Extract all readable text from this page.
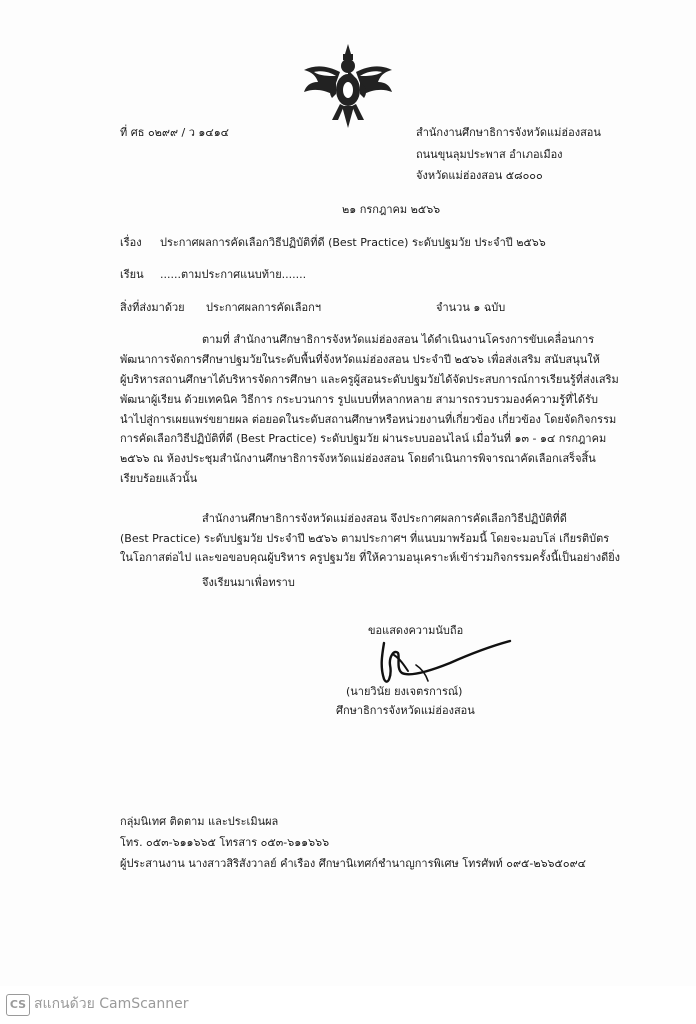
ที่ ศธ ๐๒๙๙ / ว ๑๔๑๔	สำนักงานศึกษาธิการจังหวัดแม่ฮ่องสอน
ถนนขุนลุมประพาส อำเภอเมือง
จังหวัดแม่ฮ่องสอน ๕๘๐๐๐
๒๑ กรกฎาคม ๒๕๖๖
เรื่อง ประกาศผลการคัดเลือกวิธีปฏิบัติที่ดี (Best Practice) ระดับปฐมวัย ประจำปี ๒๕๖๖
เรียน ......ตามประกาศแนบท้าย.......
สิ่งที่ส่งมาด้วย ประกาศผลการคัดเลือกฯ	จำนวน ๑ ฉบับ
ตามที่ สำนักงานศึกษาธิการจังหวัดแม่ฮ่องสอน ได้ดำเนินงานโครงการขับเคลื่อนการ
พัฒนาการจัดการศึกษาปฐมวัยในระดับพื้นที่จังหวัดแม่ฮ่องสอน ประจำปี ๒๕๖๖ เพื่อส่งเสริม สนับสนุนให้
ผู้บริหารสถานศึกษาได้บริหารจัดการศึกษา และครูผู้สอนระดับปฐมวัยได้จัดประสบการณ์การเรียนรู้ที่ส่งเสริม
พัฒนาผู้เรียน ด้วยเทคนิค วิธีการ กระบวนการ รูปแบบที่หลากหลาย สามารถรวบรวมองค์ความรู้ที่ได้รับ
นำไปสู่การเผยแพร่ขยายผล ต่อยอดในระดับสถานศึกษาหรือหน่วยงานที่เกี่ยวข้อง เกี่ยวข้อง โดยจัดกิจกรรม
การคัดเลือกวิธีปฏิบัติที่ดี (Best Practice) ระดับปฐมวัย ผ่านระบบออนไลน์ เมื่อวันที่ ๑๓ - ๑๔ กรกฎาคม
๒๕๖๖ ณ ห้องประชุมสำนักงานศึกษาธิการจังหวัดแม่ฮ่องสอน โดยดำเนินการพิจารณาคัดเลือกเสร็จสิ้น
เรียบร้อยแล้วนั้น
สำนักงานศึกษาธิการจังหวัดแม่ฮ่องสอน จึงประกาศผลการคัดเลือกวิธีปฏิบัติที่ดี
(Best Practice) ระดับปฐมวัย ประจำปี ๒๕๖๖ ตามประกาศฯ ที่แนบมาพร้อมนี้ โดยจะมอบโล่ เกียรติบัตร
ในโอกาสต่อไป และขอขอบคุณผู้บริหาร ครูปฐมวัย ที่ให้ความอนุเคราะห์เข้าร่วมกิจกรรมครั้งนี้เป็นอย่างดียิ่ง
จึงเรียนมาเพื่อทราบ
ขอแสดงความนับถือ
(นายวินัย ยงเจตรการณ์)
ศึกษาธิการจังหวัดแม่ฮ่องสอน
กลุ่มนิเทศ ติดตาม และประเมินผล
โทร. ๐๕๓-๖๑๑๖๖๕ โทรสาร ๐๕๓-๖๑๑๖๖๖
ผู้ประสานงาน นางสาวสิริสังวาลย์ คำเรือง ศึกษานิเทศก์ชำนาญการพิเศษ โทรศัพท์ ๐๙๕-๒๖๖๕๐๙๔
CS สแกนด้วย CamScanner
